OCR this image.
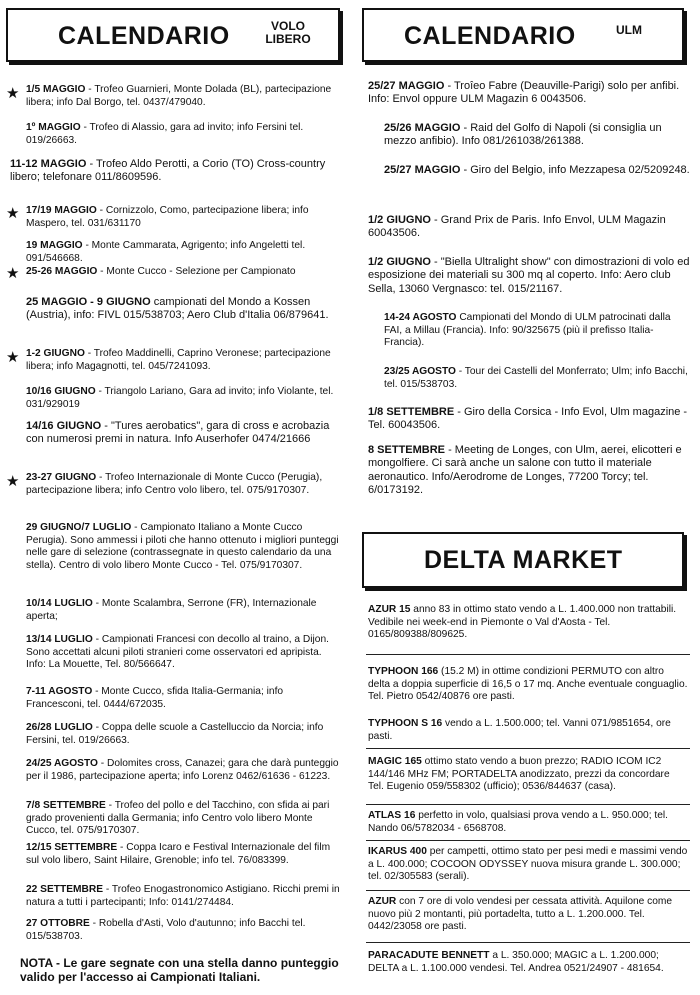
CALENDARIO	VOLO
LIBERO
★ 1/5 MAGGIO - Trofeo Guarnieri, Monte Dolada (BL), partecipazione libera; info Dal Borgo, tel. 0437/479040.
1º MAGGIO - Trofeo di Alassio, gara ad invito; info Fersini tel. 019/26663.
11-12 MAGGIO - Trofeo Aldo Perotti, a Corio (TO) Cross-country libero; telefonare 011/8609596.
★ 17/19 MAGGIO - Cornizzolo, Como, partecipazione libera; info Maspero, tel. 031/631170
19 MAGGIO - Monte Cammarata, Agrigento; info Angeletti tel. 091/546668.
★ 25-26 MAGGIO - Monte Cucco - Selezione per Campionato
25 MAGGIO - 9 GIUGNO campionati del Mondo a Kossen (Austria), info: FIVL 015/538703; Aero Club d'Italia 06/879641.
★ 1-2 GIUGNO - Trofeo Maddinelli, Caprino Veronese; partecipazione libera; info Magagnotti, tel. 045/7241093.
10/16 GIUGNO - Triangolo Lariano, Gara ad invito; info Violante, tel. 031/929019
14/16 GIUGNO - "Tures aerobatics", gara di cross e acrobazia con numerosi premi in natura. Info Auserhofer 0474/21666
★ 23-27 GIUGNO - Trofeo Internazionale di Monte Cucco (Perugia), partecipazione libera; info Centro volo libero, tel. 075/9170307.
29 GIUGNO/7 LUGLIO - Campionato Italiano a Monte Cucco Perugia). Sono ammessi i piloti che hanno ottenuto i migliori punteggi nelle gare di selezione (contrassegnate in questo calendario da una stella). Centro di volo libero Monte Cucco - Tel. 075/9170307.
10/14 LUGLIO - Monte Scalambra, Serrone (FR), Internazionale aperta;
13/14 LUGLIO - Campionati Francesi con decollo al traino, a Dijon. Sono accettati alcuni piloti stranieri come osservatori ed apripista. Info: La Mouette, Tel. 80/566647.
7-11 AGOSTO - Monte Cucco, sfida Italia-Germania; info Francesconi, tel. 0444/672035.
26/28 LUGLIO - Coppa delle scuole a Castelluccio da Norcia; info Fersini, tel. 019/26663.
24/25 AGOSTO - Dolomites cross, Canazei; gara che darà punteggio per il 1986, partecipazione aperta; info Lorenz 0462/61636 - 61223.
7/8 SETTEMBRE - Trofeo del pollo e del Tacchino, con sfida ai pari grado provenienti dalla Germania; info Centro volo libero Monte Cucco, tel. 075/9170307.
12/15 SETTEMBRE - Coppa Icaro e Festival Internazionale del film sul volo libero, Saint Hilaire, Grenoble; info tel. 76/083399.
22 SETTEMBRE - Trofeo Enogastronomico Astigiano. Ricchi premi in natura a tutti i partecipanti; Info: 0141/274484.
27 OTTOBRE - Robella d'Asti, Volo d'autunno; info Bacchi tel. 015/538703.
NOTA - Le gare segnate con una stella danno punteggio valido per l'accesso ai Campionati Italiani.
CALENDARIO	ULM
25/27 MAGGIO - Troîeo Fabre (Deauville-Parigi) solo per anfibi. Info: Envol oppure ULM Magazin 6 0043506.
25/26 MAGGIO - Raid del Golfo di Napoli (si consiglia un mezzo anfibio). Info 081/261038/261388.
25/27 MAGGIO - Giro del Belgio, info Mezzapesa 02/5209248.
1/2 GIUGNO - Grand Prix de Paris. Info Envol, ULM Magazin 60043506.
1/2 GIUGNO - "Biella Ultralight show" con dimostrazioni di volo ed esposizione dei materiali su 300 mq al coperto. Info: Aero club Sella, 13060 Vergnasco: tel. 015/21167.
14-24 AGOSTO Campionati del Mondo di ULM patrocinati dalla FAI, a Millau (Francia). Info: 90/325675 (più il prefisso Italia-Francia).
23/25 AGOSTO - Tour dei Castelli del Monferrato; Ulm; info Bacchi, tel. 015/538703.
1/8 SETTEMBRE - Giro della Corsica - Info Evol, Ulm magazine - Tel. 60043506.
8 SETTEMBRE - Meeting de Longes, con Ulm, aerei, elicotteri e mongolfiere. Ci sarà anche un salone con tutto il materiale aeronautico. Info/Aerodrome de Longes, 77200 Torcy; tel. 6/0173192.
DELTA MARKET
AZUR 15 anno 83 in ottimo stato vendo a L. 1.400.000 non trattabili. Vedibile nei week-end in Piemonte o Val d'Aosta - Tel. 0165/809388/809625.
TYPHOON 166 (15.2 M) in ottime condizioni PERMUTO con altro delta a doppia superficie di 16,5 o 17 mq. Anche eventuale conguaglio. Tel. Pietro 0542/40876 ore pasti.
TYPHOON S 16 vendo a L. 1.500.000; tel. Vanni 071/9851654, ore pasti.
MAGIC 165 ottimo stato vendo a buon prezzo; RADIO ICOM IC2 144/146 MHz FM; PORTADELTA anodizzato, prezzi da concordare Tel. Eugenio 059/558302 (ufficio); 0536/844637 (casa).
ATLAS 16 perfetto in volo, qualsiasi prova vendo a L. 950.000; tel. Nando 06/5782034 - 6568708.
IKARUS 400 per campetti, ottimo stato per pesi medi e massimi vendo a L. 400.000; COCOON ODYSSEY nuova misura grande L. 300.000; tel. 02/305583 (serali).
AZUR con 7 ore di volo vendesi per cessata attività. Aquilone come nuovo più 2 montanti, più portadelta, tutto a L. 1.200.000. Tel. 0442/23058 ore pasti.
PARACADUTE BENNETT a L. 350.000; MAGIC a L. 1.200.000; DELTA a L. 1.100.000 vendesi. Tel. Andrea 0521/24907 - 481654.
